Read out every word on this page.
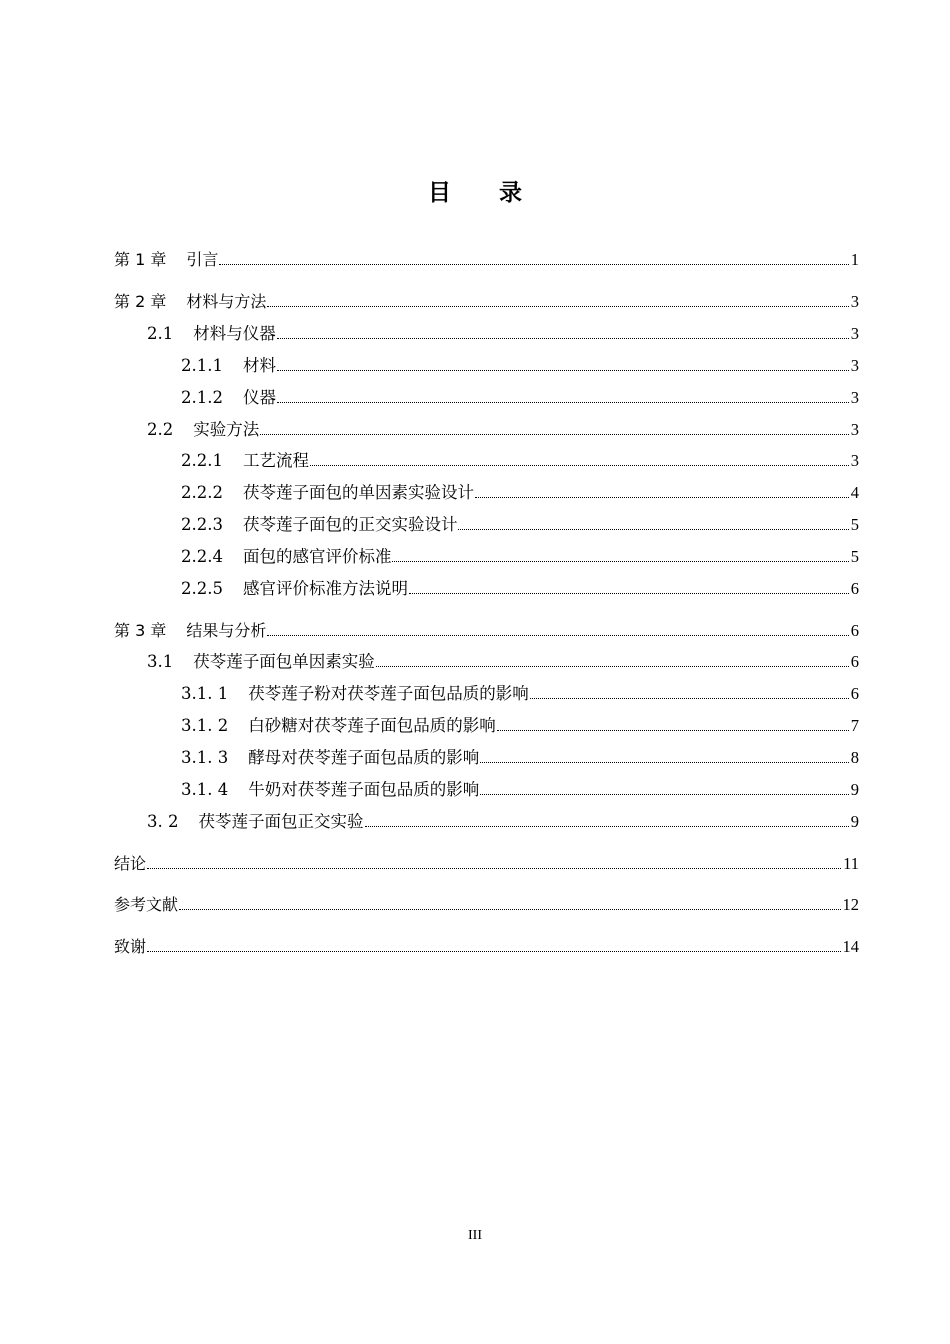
目 录
第 1 章 引言	1
第 2 章 材料与方法	3
2.1 材料与仪器	3
2.1.1 材料	3
2.1.2 仪器	3
2.2 实验方法	3
2.2.1 工艺流程	3
2.2.2 茯苓莲子面包的单因素实验设计	4
2.2.3 茯苓莲子面包的正交实验设计	5
2.2.4 面包的感官评价标准	5
2.2.5 感官评价标准方法说明	6
第 3 章 结果与分析	6
3.1 茯苓莲子面包单因素实验	6
3.1. 1 茯苓莲子粉对茯苓莲子面包品质的影响	6
3.1. 2 白砂糖对茯苓莲子面包品质的影响	7
3.1. 3 酵母对茯苓莲子面包品质的影响	8
3.1. 4 牛奶对茯苓莲子面包品质的影响	9
3. 2 茯苓莲子面包正交实验	9
结论	11
参考文献	12
致谢	14
III
